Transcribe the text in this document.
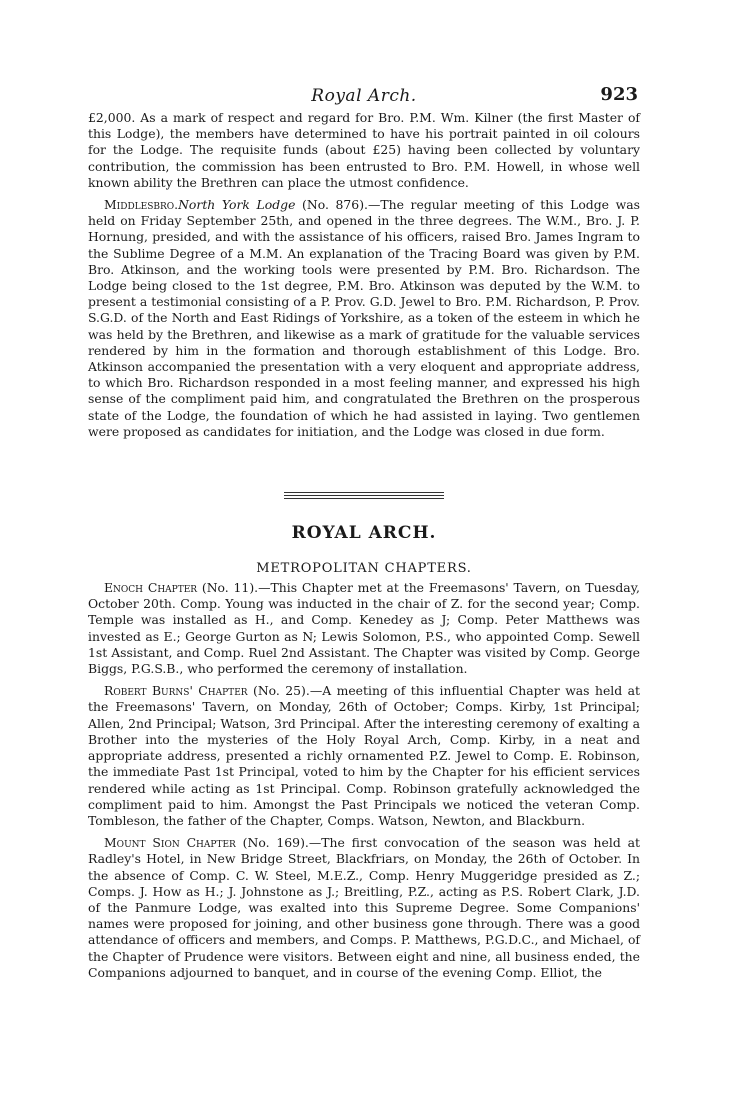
Royal Arch.	923

£2,000. As a mark of respect and regard for Bro. P.M. Wm. Kilner (the first Master of this Lodge), the members have determined to have his portrait painted in oil colours for the Lodge. The requisite funds (about £25) having been collected by voluntary contribution, the commission has been entrusted to Bro. P.M. Howell, in whose well known ability the Brethren can place the utmost confidence.

Middlesbro.North York Lodge (No. 876).—The regular meeting of this Lodge was held on Friday September 25th, and opened in the three degrees. The W.M., Bro. J. P. Hornung, presided, and with the assistance of his officers, raised Bro. James Ingram to the Sublime Degree of a M.M. An explanation of the Tracing Board was given by P.M. Bro. Atkinson, and the working tools were presented by P.M. Bro. Richardson. The Lodge being closed to the 1st degree, P.M. Bro. Atkinson was deputed by the W.M. to present a testimonial consisting of a P. Prov. G.D. Jewel to Bro. P.M. Richardson, P. Prov. S.G.D. of the North and East Ridings of Yorkshire, as a token of the esteem in which he was held by the Brethren, and likewise as a mark of gratitude for the valuable services rendered by him in the formation and thorough establishment of this Lodge. Bro. Atkinson accompanied the presentation with a very eloquent and appropriate address, to which Bro. Richardson responded in a most feeling manner, and expressed his high sense of the compliment paid him, and congratulated the Brethren on the prosperous state of the Lodge, the foundation of which he had assisted in laying. Two gentlemen were proposed as candidates for initiation, and the Lodge was closed in due form.

ROYAL ARCH.
METROPOLITAN CHAPTERS.

Enoch Chapter (No. 11).—This Chapter met at the Freemasons' Tavern, on Tuesday, October 20th. Comp. Young was inducted in the chair of Z. for the second year; Comp. Temple was installed as H., and Comp. Kenedey as J; Comp. Peter Matthews was invested as E.; George Gurton as N; Lewis Solomon, P.S., who appointed Comp. Sewell 1st Assistant, and Comp. Ruel 2nd Assistant. The Chapter was visited by Comp. George Biggs, P.G.S.B., who performed the ceremony of installation.

Robert Burns' Chapter (No. 25).—A meeting of this influential Chapter was held at the Freemasons' Tavern, on Monday, 26th of October; Comps. Kirby, 1st Principal; Allen, 2nd Principal; Watson, 3rd Principal. After the interesting ceremony of exalting a Brother into the mysteries of the Holy Royal Arch, Comp. Kirby, in a neat and appropriate address, presented a richly ornamented P.Z. Jewel to Comp. E. Robinson, the immediate Past 1st Principal, voted to him by the Chapter for his efficient services rendered while acting as 1st Principal. Comp. Robinson gratefully acknowledged the compliment paid to him. Amongst the Past Principals we noticed the veteran Comp. Tombleson, the father of the Chapter, Comps. Watson, Newton, and Blackburn.

Mount Sion Chapter (No. 169).—The first convocation of the season was held at Radley's Hotel, in New Bridge Street, Blackfriars, on Monday, the 26th of October. In the absence of Comp. C. W. Steel, M.E.Z., Comp. Henry Muggeridge presided as Z.; Comps. J. How as H.; J. Johnstone as J.; Breitling, P.Z., acting as P.S. Robert Clark, J.D. of the Panmure Lodge, was exalted into this Supreme Degree. Some Companions' names were proposed for joining, and other business gone through. There was a good attendance of officers and members, and Comps. P. Matthews, P.G.D.C., and Michael, of the Chapter of Prudence were visitors. Between eight and nine, all business ended, the Companions adjourned to banquet, and in course of the evening Comp. Elliot, the
